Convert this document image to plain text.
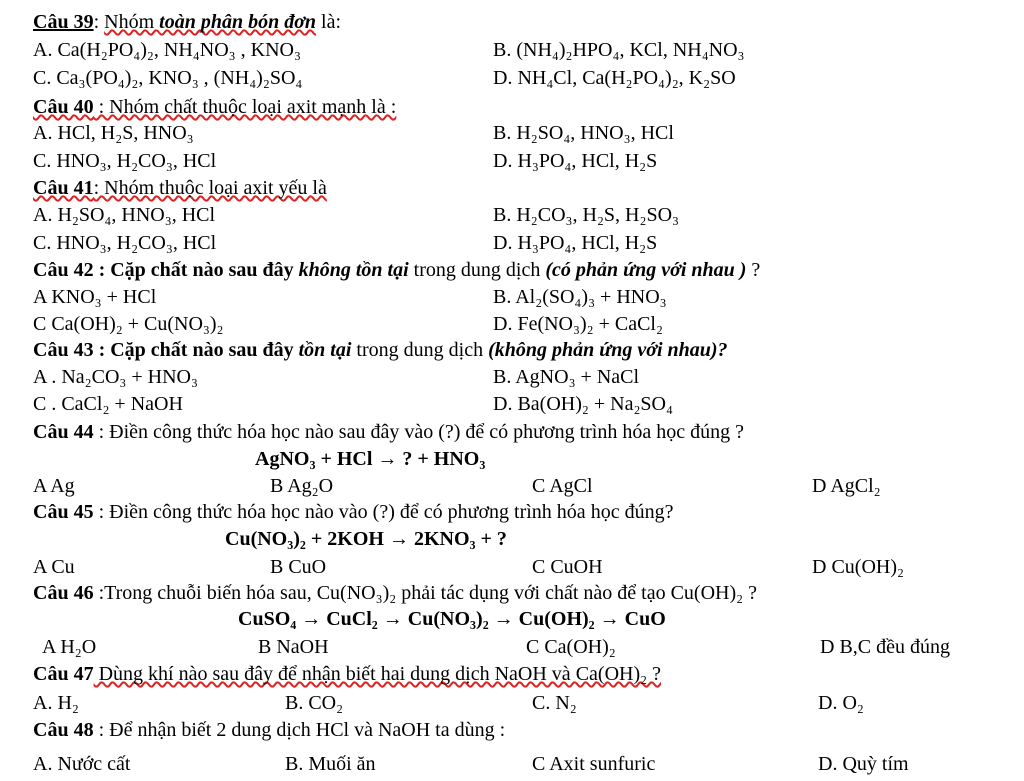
Câu 39: Nhóm toàn phân bón đơn là:
A. Ca(H₂PO₄)₂, NH₄NO₃ , KNO₃	B. (NH₄)₂HPO₄, KCl, NH₄NO₃
C. Ca₃(PO₄)₂, KNO₃ , (NH₄)₂SO₄	D. NH₄Cl, Ca(H₂PO₄)₂, K₂SO
Câu 40 : Nhóm chất thuộc loại axit mạnh là :
A. HCl, H₂S, HNO₃	B. H₂SO₄, HNO₃, HCl
C. HNO₃, H₂CO₃, HCl	D. H₃PO₄, HCl, H₂S
Câu 41: Nhóm thuộc loại axit yếu là
A. H₂SO₄, HNO₃, HCl	B. H₂CO₃, H₂S, H₂SO₃
C. HNO₃, H₂CO₃, HCl	D. H₃PO₄, HCl, H₂S
Câu 42 : Cặp chất nào sau đây không tồn tại trong dung dịch (có phản ứng với nhau ) ?
A KNO₃ + HCl	B. Al₂(SO₄)₃ + HNO₃
C Ca(OH)₂ + Cu(NO₃)₂	D. Fe(NO₃)₂ + CaCl₂
Câu 43 : Cặp chất nào sau đây tồn tại trong dung dịch (không phản ứng với nhau)?
A . Na₂CO₃ + HNO₃	B. AgNO₃ + NaCl
C . CaCl₂ + NaOH	D. Ba(OH)₂ + Na₂SO₄
Câu 44 : Điền công thức hóa học nào sau đây vào (?) để có phương trình hóa học đúng ?
AgNO₃ + HCl → ? + HNO₃
A Ag	B Ag₂O	C AgCl	D AgCl₂
Câu 45 : Điền công thức hóa học nào vào (?) để có phương trình hóa học đúng?
Cu(NO₃)₂ + 2KOH → 2KNO₃ + ?
A Cu	B CuO	C CuOH	D Cu(OH)₂
Câu 46 :Trong chuỗi biến hóa sau, Cu(NO₃)₂ phải tác dụng với chất nào để tạo Cu(OH)₂ ?
CuSO₄ → CuCl₂ → Cu(NO₃)₂ → Cu(OH)₂ → CuO
A H₂O	B NaOH	C Ca(OH)₂	D B,C đều đúng
Câu 47 Dùng khí nào sau đây để nhận biết hai dung dịch NaOH và Ca(OH)₂ ?
A. H₂	B. CO₂	C. N₂	D. O₂
Câu 48 : Để nhận biết 2 dung dịch HCl và NaOH ta dùng :
A. Nước cất	B. Muối ăn	C Axit sunfuric	D. Quỳ tím
